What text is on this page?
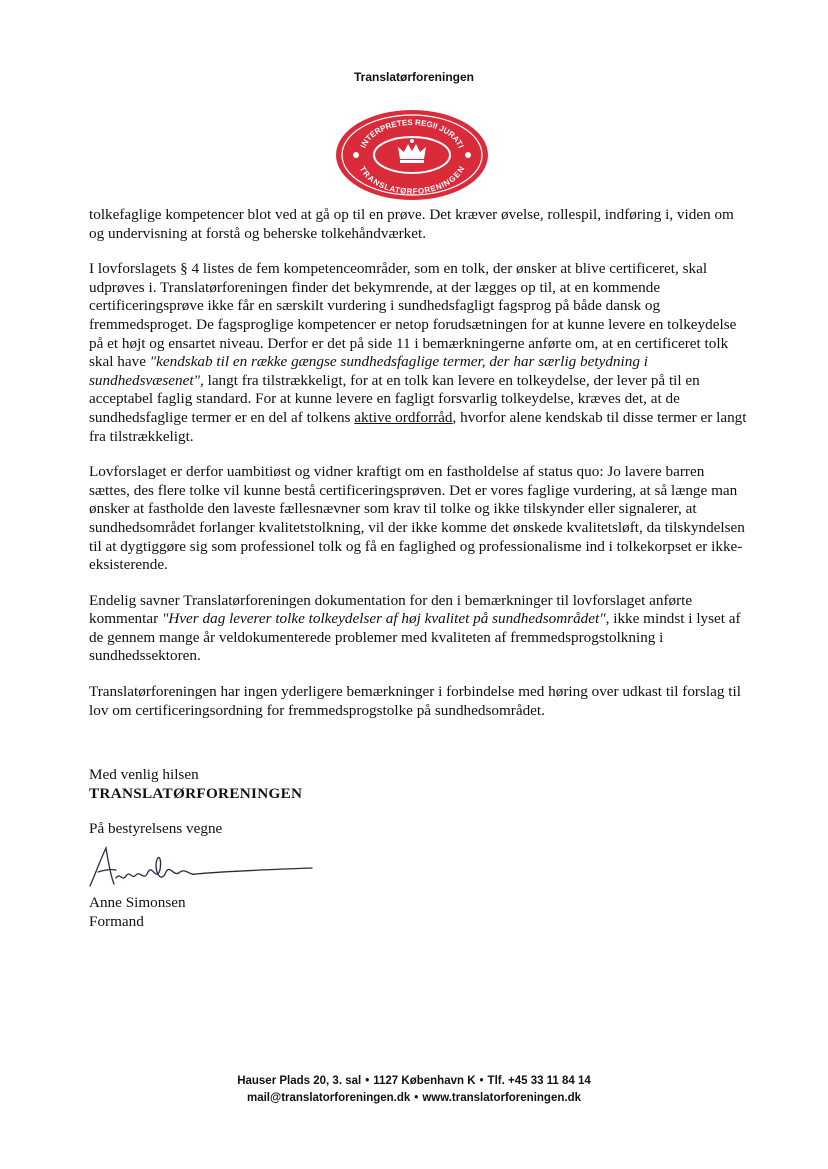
Translatørforeningen
INTERPRETES REGII JURATI
TRANSLATØRFORENINGEN

tolkefaglige kompetencer blot ved at gå op til en prøve. Det kræver øvelse, rollespil, indføring i, viden om og undervisning at forstå og beherske tolkehåndværket.

I lovforslagets § 4 listes de fem kompetenceområder, som en tolk, der ønsker at blive certificeret, skal udprøves i. Translatørforeningen finder det bekymrende, at der lægges op til, at en kommende certificeringsprøve ikke får en særskilt vurdering i sundhedsfagligt fagsprog på både dansk og fremmedsproget. De fagsproglige kompetencer er netop forudsætningen for at kunne levere en tolkeydelse på et højt og ensartet niveau. Derfor er det på side 11 i bemærkningerne anførte om, at en certificeret tolk skal have "kendskab til en række gængse sundhedsfaglige termer, der har særlig betydning i sundhedsvæsenet", langt fra tilstrækkeligt, for at en tolk kan levere en tolkeydelse, der lever på til en acceptabel faglig standard. For at kunne levere en fagligt forsvarlig tolkeydelse, kræves det, at de sundhedsfaglige termer er en del af tolkens aktive ordforråd, hvorfor alene kendskab til disse termer er langt fra tilstrækkeligt.

Lovforslaget er derfor uambitiøst og vidner kraftigt om en fastholdelse af status quo: Jo lavere barren sættes, des flere tolke vil kunne bestå certificeringsprøven. Det er vores faglige vurdering, at så længe man ønsker at fastholde den laveste fællesnævner som krav til tolke og ikke tilskynder eller signalerer, at sundhedsområdet forlanger kvalitetstolkning, vil der ikke komme det ønskede kvalitetsløft, da tilskyndelsen til at dygtiggøre sig som professionel tolk og få en faglighed og professionalisme ind i tolkekorpset er ikke-eksisterende.

Endelig savner Translatørforeningen dokumentation for den i bemærkninger til lovforslaget anførte kommentar "Hver dag leverer tolke tolkeydelser af høj kvalitet på sundhedsområdet", ikke mindst i lyset af de gennem mange år veldokumenterede problemer med kvaliteten af fremmedsprogstolkning i sundhedssektoren.

Translatørforeningen har ingen yderligere bemærkninger i forbindelse med høring over udkast til forslag til lov om certificeringsordning for fremmedsprogstolke på sundhedsområdet.

Med venlig hilsen
TRANSLATØRFORENINGEN
På bestyrelsens vegne
Anne Simonsen
Formand
Hauser Plads 20, 3. sal • 1127 København K • Tlf. +45 33 11 84 14
mail@translatorforeningen.dk • www.translatorforeningen.dk
